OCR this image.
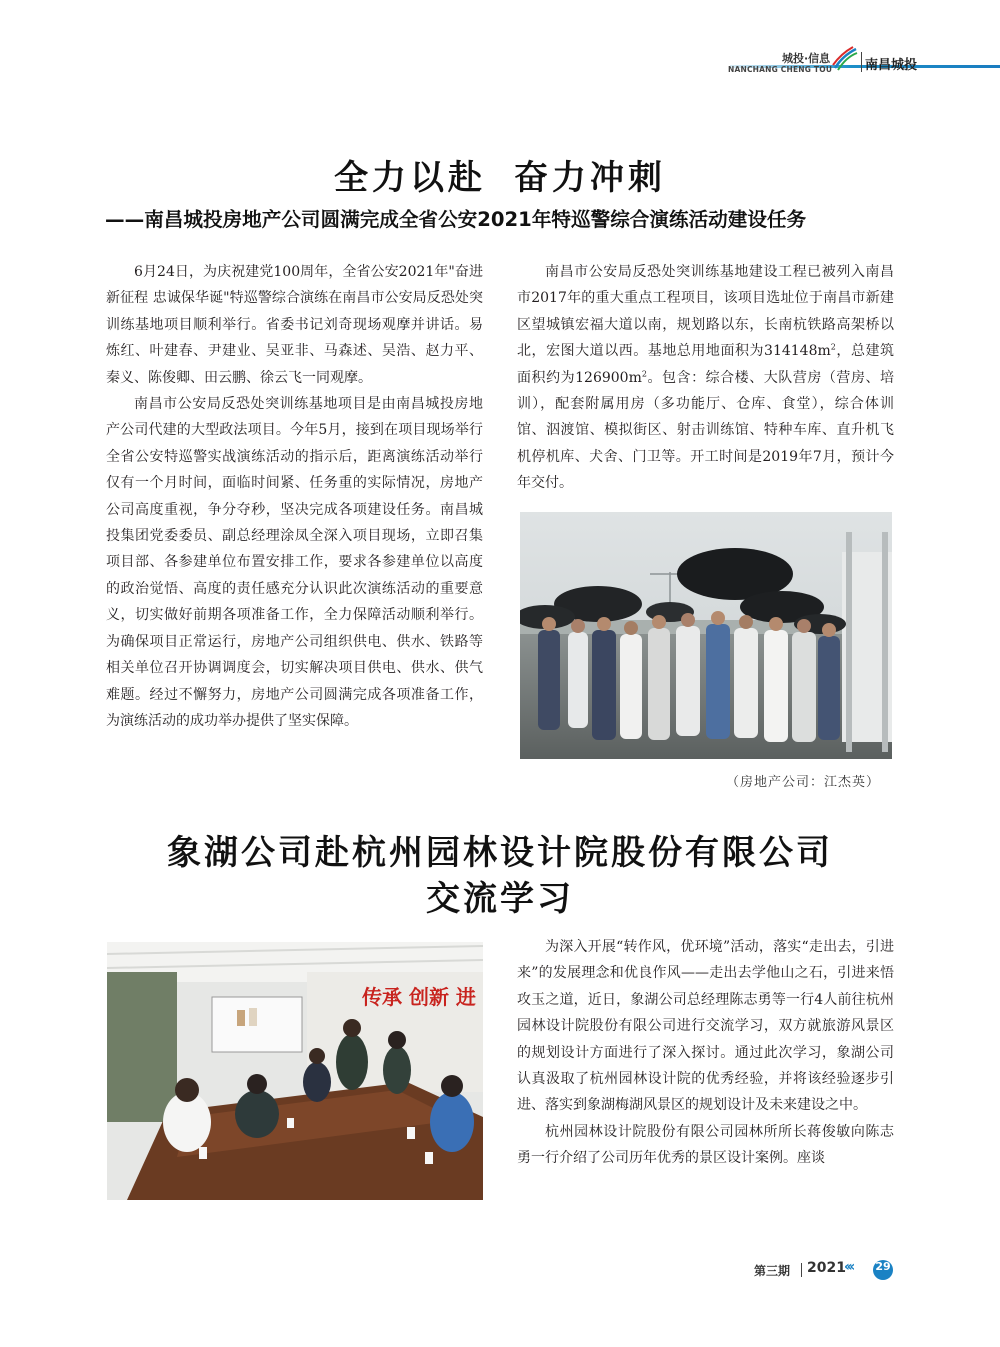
城投·信息
NANCHANG CHENG TOU	南昌城投
全力以赴 奋力冲刺
——南昌城投房地产公司圆满完成全省公安2021年特巡警综合演练活动建设任务

6月24日，为庆祝建党100周年，全省公安2021年"奋进新征程 忠诚保华诞"特巡警综合演练在南昌市公安局反恐处突训练基地项目顺利举行。省委书记刘奇现场观摩并讲话。易炼红、叶建春、尹建业、吴亚非、马森述、吴浩、赵力平、秦义、陈俊卿、田云鹏、徐云飞一同观摩。

南昌市公安局反恐处突训练基地项目是由南昌城投房地产公司代建的大型政法项目。今年5月，接到在项目现场举行全省公安特巡警实战演练活动的指示后，距离演练活动举行仅有一个月时间，面临时间紧、任务重的实际情况，房地产公司高度重视，争分夺秒，坚决完成各项建设任务。南昌城投集团党委委员、副总经理涂凤全深入项目现场，立即召集项目部、各参建单位布置安排工作，要求各参建单位以高度的政治觉悟、高度的责任感充分认识此次演练活动的重要意义，切实做好前期各项准备工作，全力保障活动顺利举行。为确保项目正常运行，房地产公司组织供电、供水、铁路等相关单位召开协调调度会，切实解决项目供电、供水、供气难题。经过不懈努力，房地产公司圆满完成各项准备工作，为演练活动的成功举办提供了坚实保障。

南昌市公安局反恐处突训练基地建设工程已被列入南昌市2017年的重大重点工程项目，该项目选址位于南昌市新建区望城镇宏福大道以南，规划路以东，长南杭铁路高架桥以北，宏图大道以西。基地总用地面积为$314148m^2$，总建筑面积约为$126900m^2$。包含：综合楼、大队营房（营房、培训），配套附属用房（多功能厅、仓库、食堂），综合体训馆、泅渡馆、模拟街区、射击训练馆、特种车库、直升机飞机停机库、犬舍、门卫等。开工时间是2019年7月，预计今年交付。

（房地产公司：江杰英）
象湖公司赴杭州园林设计院股份有限公司
交流学习
传承 创新 进

为深入开展“转作风，优环境”活动，落实“走出去，引进来”的发展理念和优良作风——走出去学他山之石，引进来悟攻玉之道，近日，象湖公司总经理陈志勇等一行4人前往杭州园林设计院股份有限公司进行交流学习，双方就旅游风景区的规划设计方面进行了深入探讨。通过此次学习，象湖公司认真汲取了杭州园林设计院的优秀经验，并将该经验逐步引进、落实到象湖梅湖风景区的规划设计及未来建设之中。

杭州园林设计院股份有限公司园林所所长蒋俊敏向陈志勇一行介绍了公司历年优秀的景区设计案例。座谈

第三期 2021
‹‹‹ 29
